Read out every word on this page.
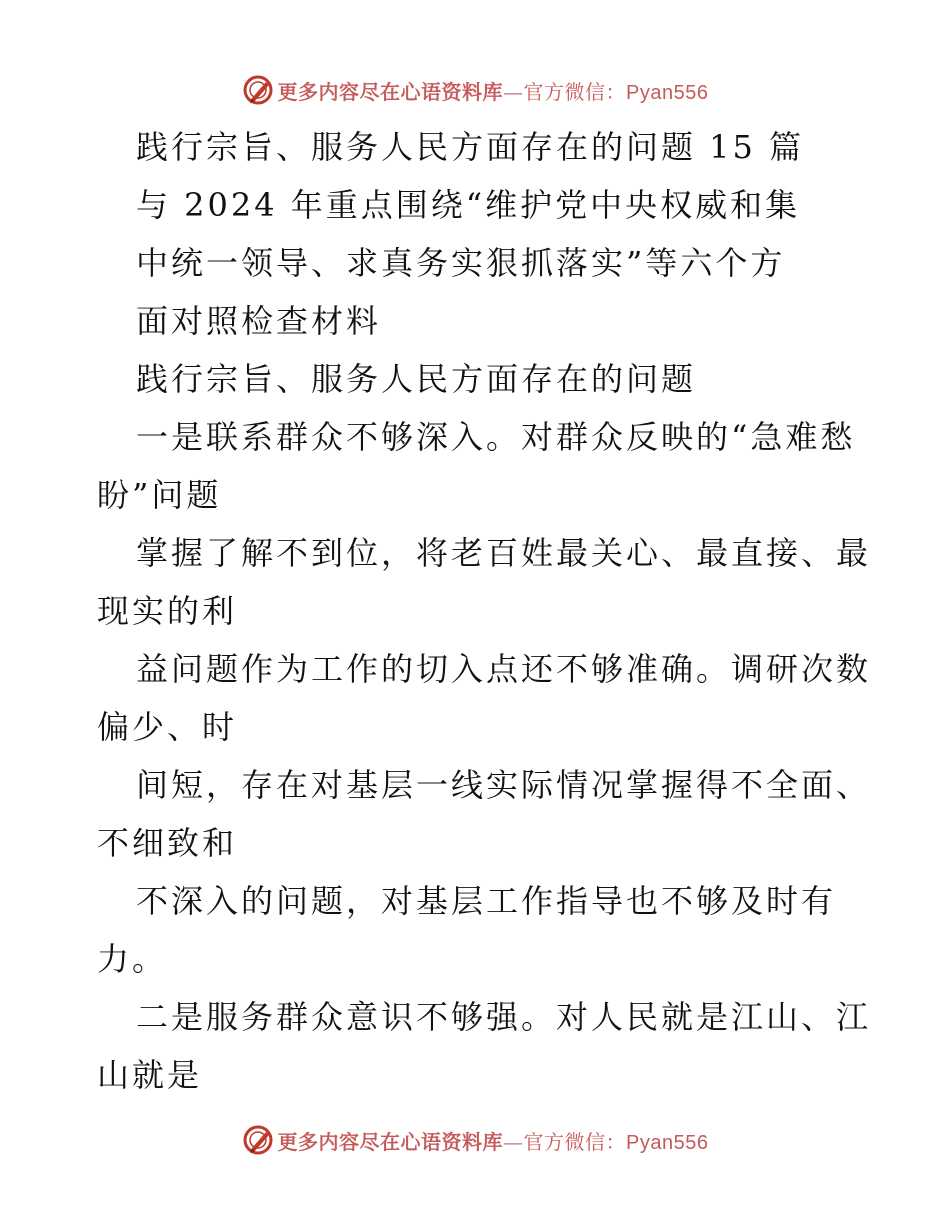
更多内容尽在心语资料库—官方微信：Pyan556
践行宗旨、服务人民方面存在的问题 15 篇
与 2024 年重点围绕“维护党中央权威和集
中统一领导、求真务实狠抓落实”等六个方
面对照检查材料
践行宗旨、服务人民方面存在的问题
一是联系群众不够深入。对群众反映的“急难愁
盼”问题
掌握了解不到位，将老百姓最关心、最直接、最
现实的利
益问题作为工作的切入点还不够准确。调研次数
偏少、时
间短，存在对基层一线实际情况掌握得不全面、
不细致和
不深入的问题，对基层工作指导也不够及时有
力。
二是服务群众意识不够强。对人民就是江山、江
山就是
更多内容尽在心语资料库—官方微信：Pyan556
